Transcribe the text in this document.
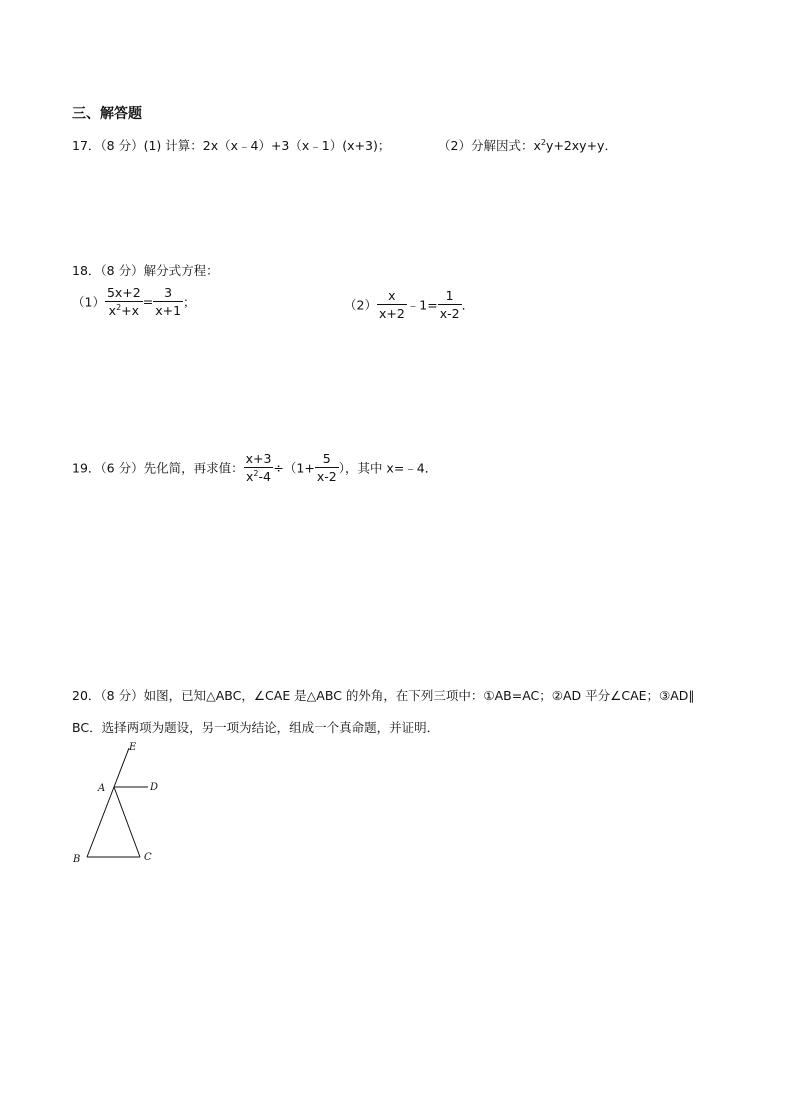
三、解答题
17．（8 分）(1) 计算：2x（x﹣4）+3（x﹣1）(x+3)；	（2）分解因式：$x^2y+2xy+y$．
18．（8 分）解分式方程：
$(1) \frac{5x+2}{x^2+x} = \frac{3}{x+1}$ ；	$(2) \frac{x}{x+2}$ ﹣1= $\frac{1}{x-2}$ ．
19．（6 分）先化简，再求值： $\frac{x+3}{x^2-4} \div(1+ \frac{5}{x-2}$ ），其中 x=﹣4．
20．（8 分）如图，已知△ABC，∠CAE 是△ABC 的外角，在下列三项中：①AB=AC；②AD 平分∠CAE；③AD∥
BC．选择两项为题设，另一项为结论，组成一个真命题，并证明．
E
A	D
B	C
